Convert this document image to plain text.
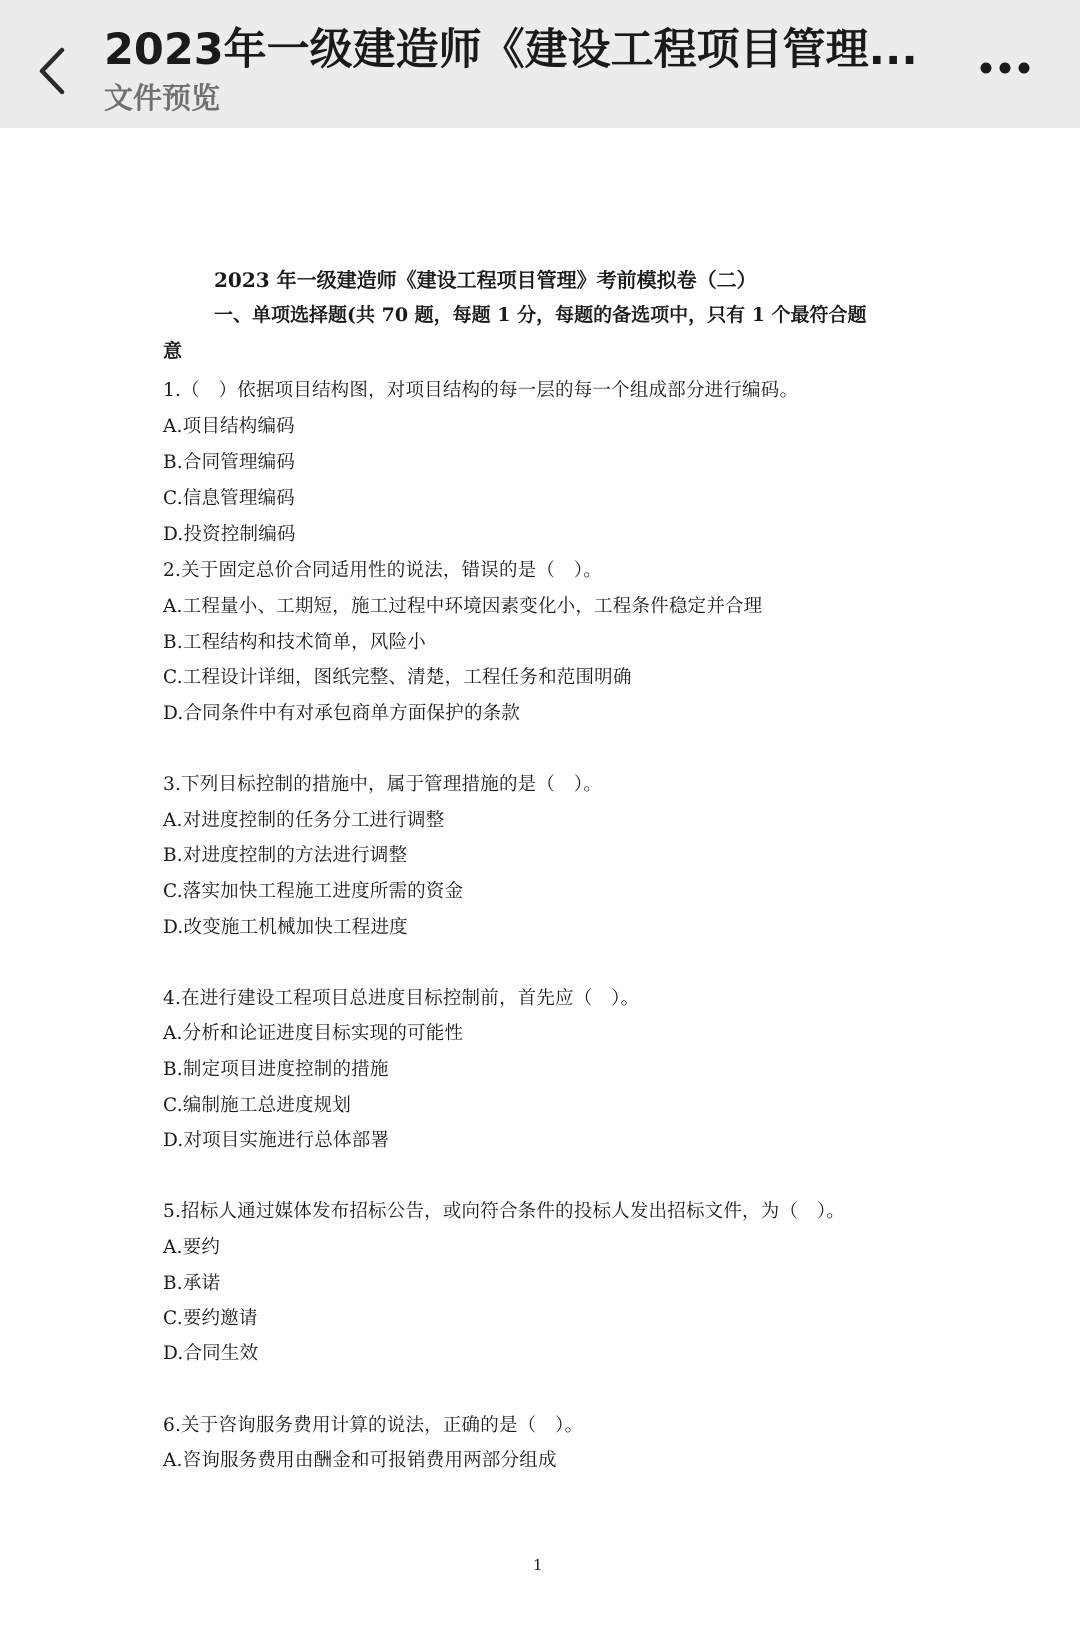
2023年一级建造师《建设工程项目管理...
文件预览
2023 年一级建造师《建设工程项目管理》考前模拟卷（二）
一、单项选择题(共 70 题，每题 1 分，每题的备选项中，只有 1 个最符合题
意
1.（　）依据项目结构图，对项目结构的每一层的每一个组成部分进行编码。
A.项目结构编码
B.合同管理编码
C.信息管理编码
D.投资控制编码
2.关于固定总价合同适用性的说法，错误的是（　）。
A.工程量小、工期短，施工过程中环境因素变化小，工程条件稳定并合理
B.工程结构和技术简单，风险小
C.工程设计详细，图纸完整、清楚，工程任务和范围明确
D.合同条件中有对承包商单方面保护的条款
3.下列目标控制的措施中，属于管理措施的是（　）。
A.对进度控制的任务分工进行调整
B.对进度控制的方法进行调整
C.落实加快工程施工进度所需的资金
D.改变施工机械加快工程进度
4.在进行建设工程项目总进度目标控制前，首先应（　）。
A.分析和论证进度目标实现的可能性
B.制定项目进度控制的措施
C.编制施工总进度规划
D.对项目实施进行总体部署
5.招标人通过媒体发布招标公告，或向符合条件的投标人发出招标文件，为（　）。
A.要约
B.承诺
C.要约邀请
D.合同生效
6.关于咨询服务费用计算的说法，正确的是（　）。
A.咨询服务费用由酬金和可报销费用两部分组成
1
